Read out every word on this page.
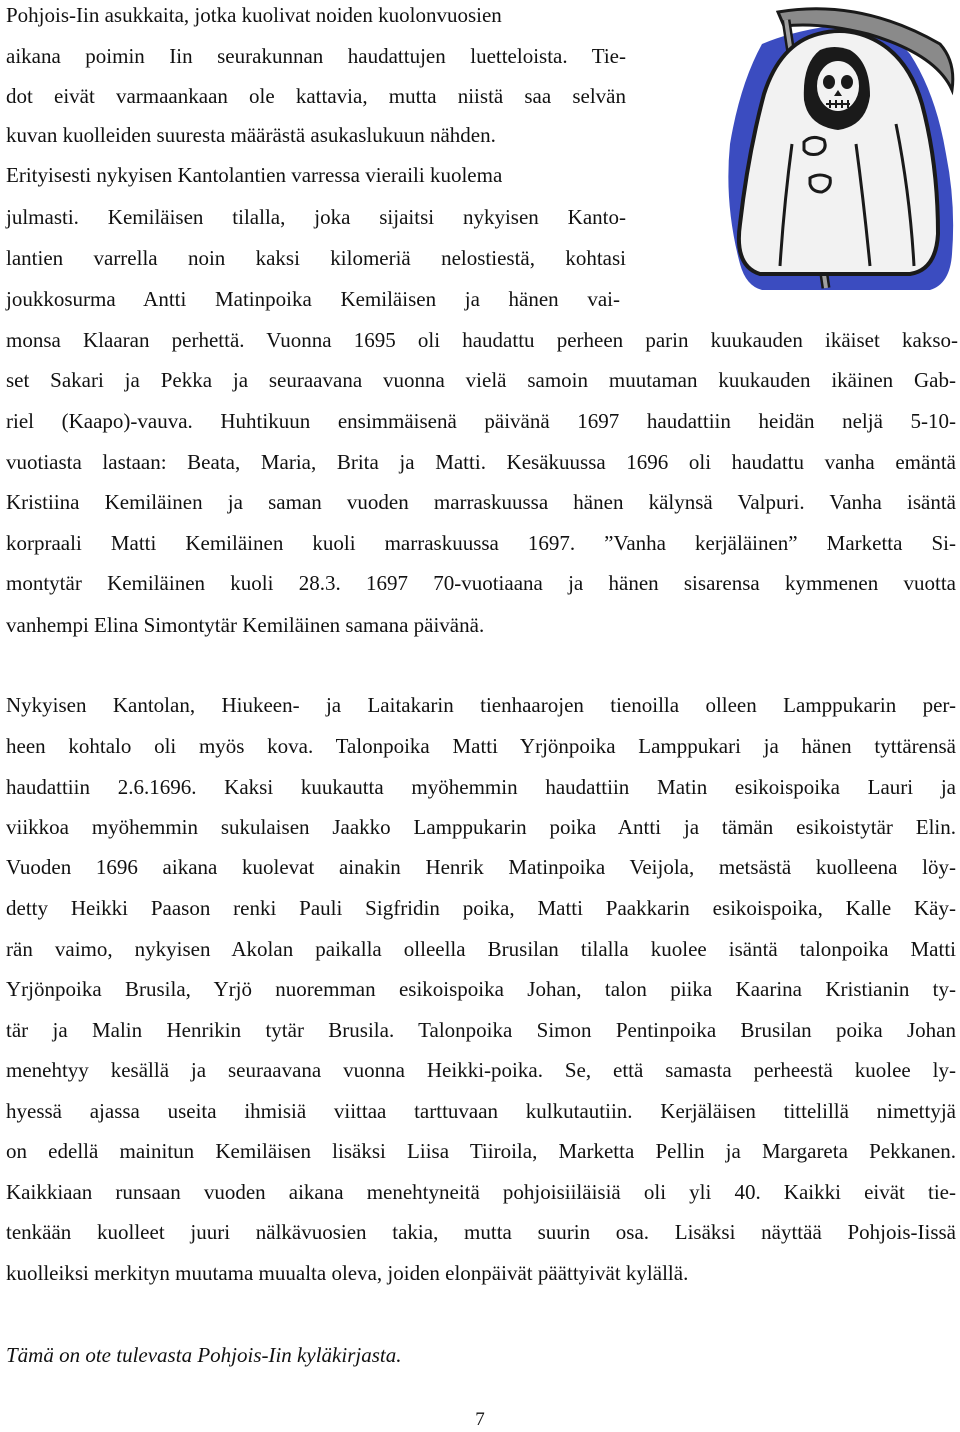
Pohjois-Iin asukkaita, jotka kuolivat noiden kuolonvuosien

aikana poimin Iin seurakunnan haudattujen luetteloista. Tie-

dot eivät varmaankaan ole kattavia, mutta niistä saa selvän

kuvan kuolleiden suuresta määrästä asukaslukuun nähden.

Erityisesti nykyisen Kantolantien varressa vieraili kuolema

julmasti. Kemiläisen tilalla, joka sijaitsi nykyisen Kanto-

lantien varrella noin kaksi kilomeriä nelostiestä, kohtasi

joukkosurma Antti Matinpoika Kemiläisen ja hänen vai-

monsa Klaaran perhettä. Vuonna 1695 oli haudattu perheen parin kuukauden ikäiset kakso-

set Sakari ja Pekka ja seuraavana vuonna vielä samoin muutaman kuukauden ikäinen Gab-

riel (Kaapo)-vauva. Huhtikuun ensimmäisenä päivänä 1697 haudattiin heidän neljä 5-10-

vuotiasta lastaan: Beata, Maria, Brita ja Matti. Kesäkuussa 1696 oli haudattu vanha emäntä

Kristiina Kemiläinen ja saman vuoden marraskuussa hänen kälynsä Valpuri. Vanha isäntä

korpraali Matti Kemiläinen kuoli marraskuussa 1697. ”Vanha kerjäläinen” Marketta Si-

montytär Kemiläinen kuoli 28.3. 1697 70-vuotiaana ja hänen sisarensa kymmenen vuotta

vanhempi Elina Simontytär Kemiläinen samana päivänä.

Nykyisen Kantolan, Hiukeen- ja Laitakarin tienhaarojen tienoilla olleen Lamppukarin per-

heen kohtalo oli myös kova. Talonpoika Matti Yrjönpoika Lamppukari ja hänen tyttärensä

haudattiin 2.6.1696. Kaksi kuukautta myöhemmin haudattiin Matin esikoispoika Lauri ja

viikkoa myöhemmin sukulaisen Jaakko Lamppukarin poika Antti ja tämän esikoistytär Elin.

Vuoden 1696 aikana kuolevat ainakin Henrik Matinpoika Veijola, metsästä kuolleena löy-

detty Heikki Paason renki Pauli Sigfridin poika, Matti Paakkarin esikoispoika, Kalle Käy-

rän vaimo, nykyisen Akolan paikalla olleella Brusilan tilalla kuolee isäntä talonpoika Matti

Yrjönpoika Brusila, Yrjö nuoremman esikoispoika Johan, talon piika Kaarina Kristianin ty-

tär ja Malin Henrikin tytär Brusila. Talonpoika Simon Pentinpoika Brusilan poika Johan

menehtyy kesällä ja seuraavana vuonna Heikki-poika. Se, että samasta perheestä kuolee ly-

hyessä ajassa useita ihmisiä viittaa tarttuvaan kulkutautiin. Kerjäläisen tittelillä nimettyjä

on edellä mainitun Kemiläisen lisäksi Liisa Tiiroila, Marketta Pellin ja Margareta Pekkanen.

Kaikkiaan runsaan vuoden aikana menehtyneitä pohjoisiiläisiä oli yli 40. Kaikki eivät tie-

tenkään kuolleet juuri nälkävuosien takia, mutta suurin osa. Lisäksi näyttää Pohjois-Iissä

kuolleiksi merkityn muutama muualta oleva, joiden elonpäivät päättyivät kylällä.

Tämä on ote tulevasta Pohjois-Iin kyläkirjasta.

7
